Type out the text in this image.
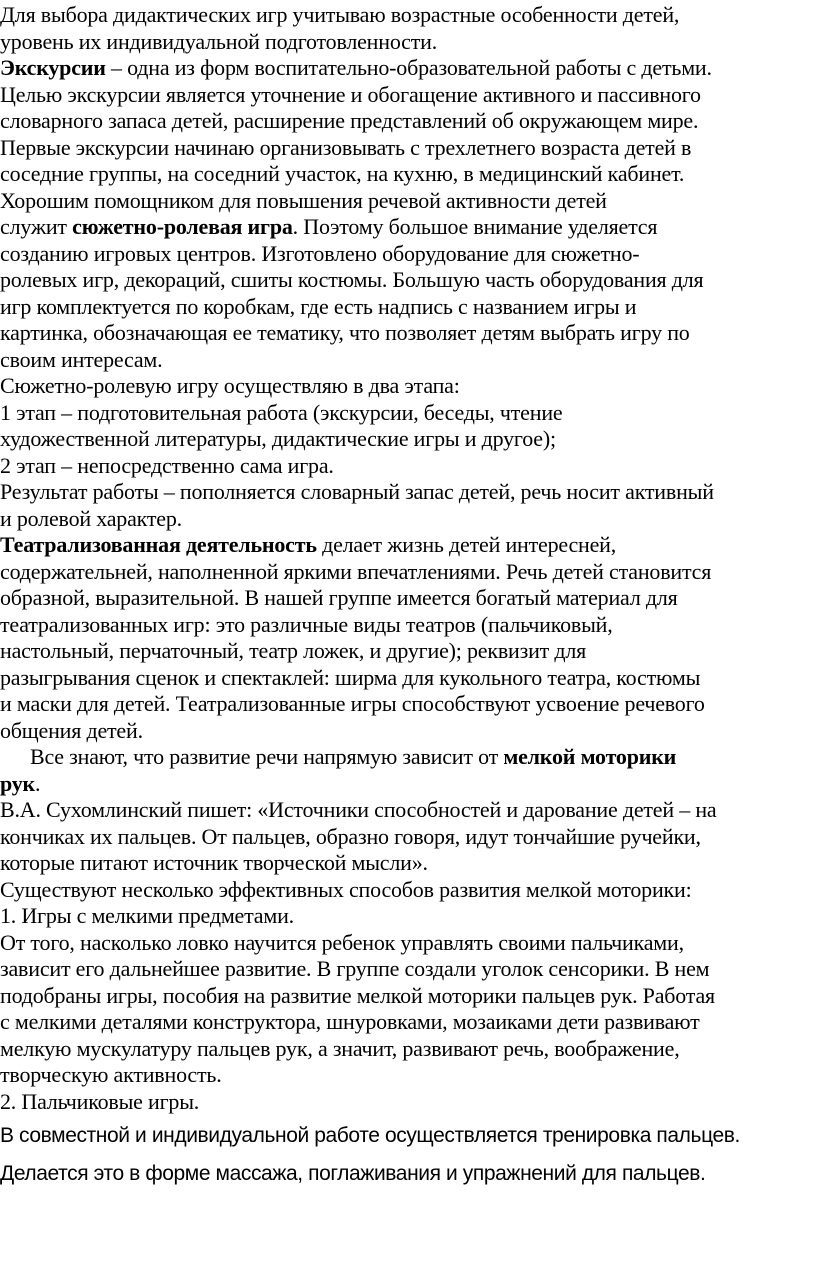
Для выбора дидактических игр учитываю возрастные особенности детей,
уровень их индивидуальной подготовленности.
Экскурсии – одна из форм воспитательно-образовательной работы с детьми.
Целью экскурсии является уточнение и обогащение активного и пассивного
словарного запаса детей, расширение представлений об окружающем мире.
Первые экскурсии начинаю организовывать с трехлетнего возраста детей в
соседние группы, на соседний участок, на кухню, в медицинский кабинет.
Хорошим помощником для повышения речевой активности детей
служит сюжетно-ролевая игра. Поэтому большое внимание уделяется
созданию игровых центров. Изготовлено оборудование для сюжетно-
ролевых игр, декораций, сшиты костюмы. Большую часть оборудования для
игр комплектуется по коробкам, где есть надпись с названием игры и
картинка, обозначающая ее тематику, что позволяет детям выбрать игру по
своим интересам.
Сюжетно-ролевую игру осуществляю в два этапа:
1 этап – подготовительная работа (экскурсии, беседы, чтение
художественной литературы, дидактические игры и другое);
2 этап – непосредственно сама игра.
Результат работы – пополняется словарный запас детей, речь носит активный
и ролевой характер.
Театрализованная деятельность делает жизнь детей интересней,
содержательней, наполненной яркими впечатлениями. Речь детей становится
образной, выразительной. В нашей группе имеется богатый материал для
театрализованных игр: это различные виды театров (пальчиковый,
настольный, перчаточный, театр ложек, и другие); реквизит для
разыгрывания сценок и спектаклей: ширма для кукольного театра, костюмы
и маски для детей. Театрализованные игры способствуют усвоение речевого
общения детей.
Все знают, что развитие речи напрямую зависит от мелкой моторики
рук.
В.А. Сухомлинский пишет: «Источники способностей и дарование детей – на
кончиках их пальцев. От пальцев, образно говоря, идут тончайшие ручейки,
которые питают источник творческой мысли».
Существуют несколько эффективных способов развития мелкой моторики:
1. Игры с мелкими предметами.
От того, насколько ловко научится ребенок управлять своими пальчиками,
зависит его дальнейшее развитие. В группе создали уголок сенсорики. В нем
подобраны игры, пособия на развитие мелкой моторики пальцев рук. Работая
с мелкими деталями конструктора, шнуровками, мозаиками дети развивают
мелкую мускулатуру пальцев рук, а значит, развивают речь, воображение,
творческую активность.
2. Пальчиковые игры.
В совместной и индивидуальной работе осуществляется тренировка пальцев.
Делается это в форме массажа, поглаживания и упражнений для пальцев.
